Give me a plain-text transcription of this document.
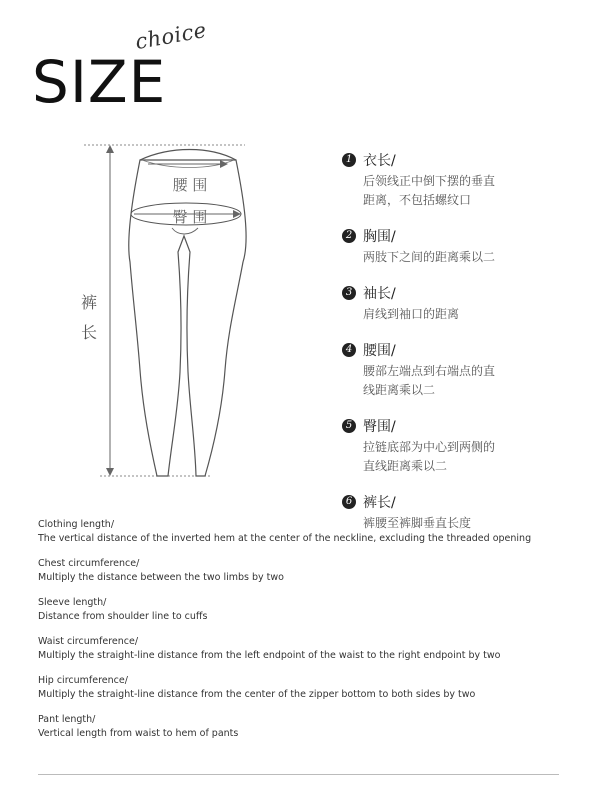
choice
SIZE
腰 围
臀 围
裤
长
1 衣长/
后领线正中倒下摆的垂直
距离，不包括螺纹口
2 胸围/
两肢下之间的距离乘以二
3 袖长/
肩线到袖口的距离
4 腰围/
腰部左端点到右端点的直
线距离乘以二
5 臀围/
拉链底部为中心到两侧的
直线距离乘以二
6 裤长/
裤腰至裤脚垂直长度
Clothing length/
The vertical distance of the inverted hem at the center of the neckline, excluding the threaded opening
Chest circumference/
Multiply the distance between the two limbs by two
Sleeve length/
Distance from shoulder line to cuffs
Waist circumference/
Multiply the straight-line distance from the left endpoint of the waist to the right endpoint by two
Hip circumference/
Multiply the straight-line distance from the center of the zipper bottom to both sides by two
Pant length/
Vertical length from waist to hem of pants
